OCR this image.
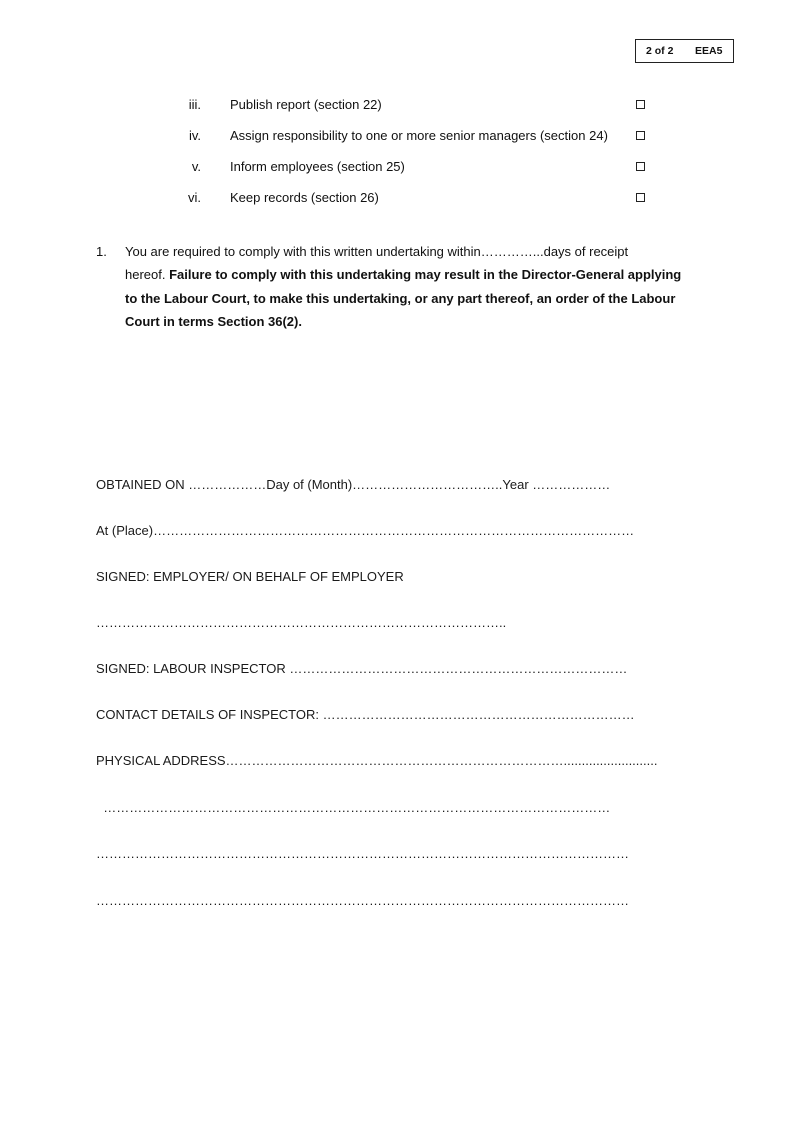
2 of 2 EEA5
iii. Publish report (section 22)
iv. Assign responsibility to one or more senior managers (section 24)
v. Inform employees (section 25)
vi. Keep records (section 26)
1. You are required to comply with this written undertaking within…………...days of receipt
hereof. Failure to comply with this undertaking may result in the Director-General applying
to the Labour Court, to make this undertaking, or any part thereof, an order of the Labour
Court in terms Section 36(2).
OBTAINED ON ………………Day of (Month)……………………………..Year ………………
At (Place)…………………………………………………………………………………………………
SIGNED: EMPLOYER/ ON BEHALF OF EMPLOYER
…………………………………………………………………………………..
SIGNED: LABOUR INSPECTOR ……………………………………………………………………
CONTACT DETAILS OF INSPECTOR: ………………………………………………………………
PHYSICAL ADDRESS……………………………………………………………………..........................
………………………………………………………………………………………………………
……………………………………………………………………………………………………………
……………………………………………………………………………………………………………
